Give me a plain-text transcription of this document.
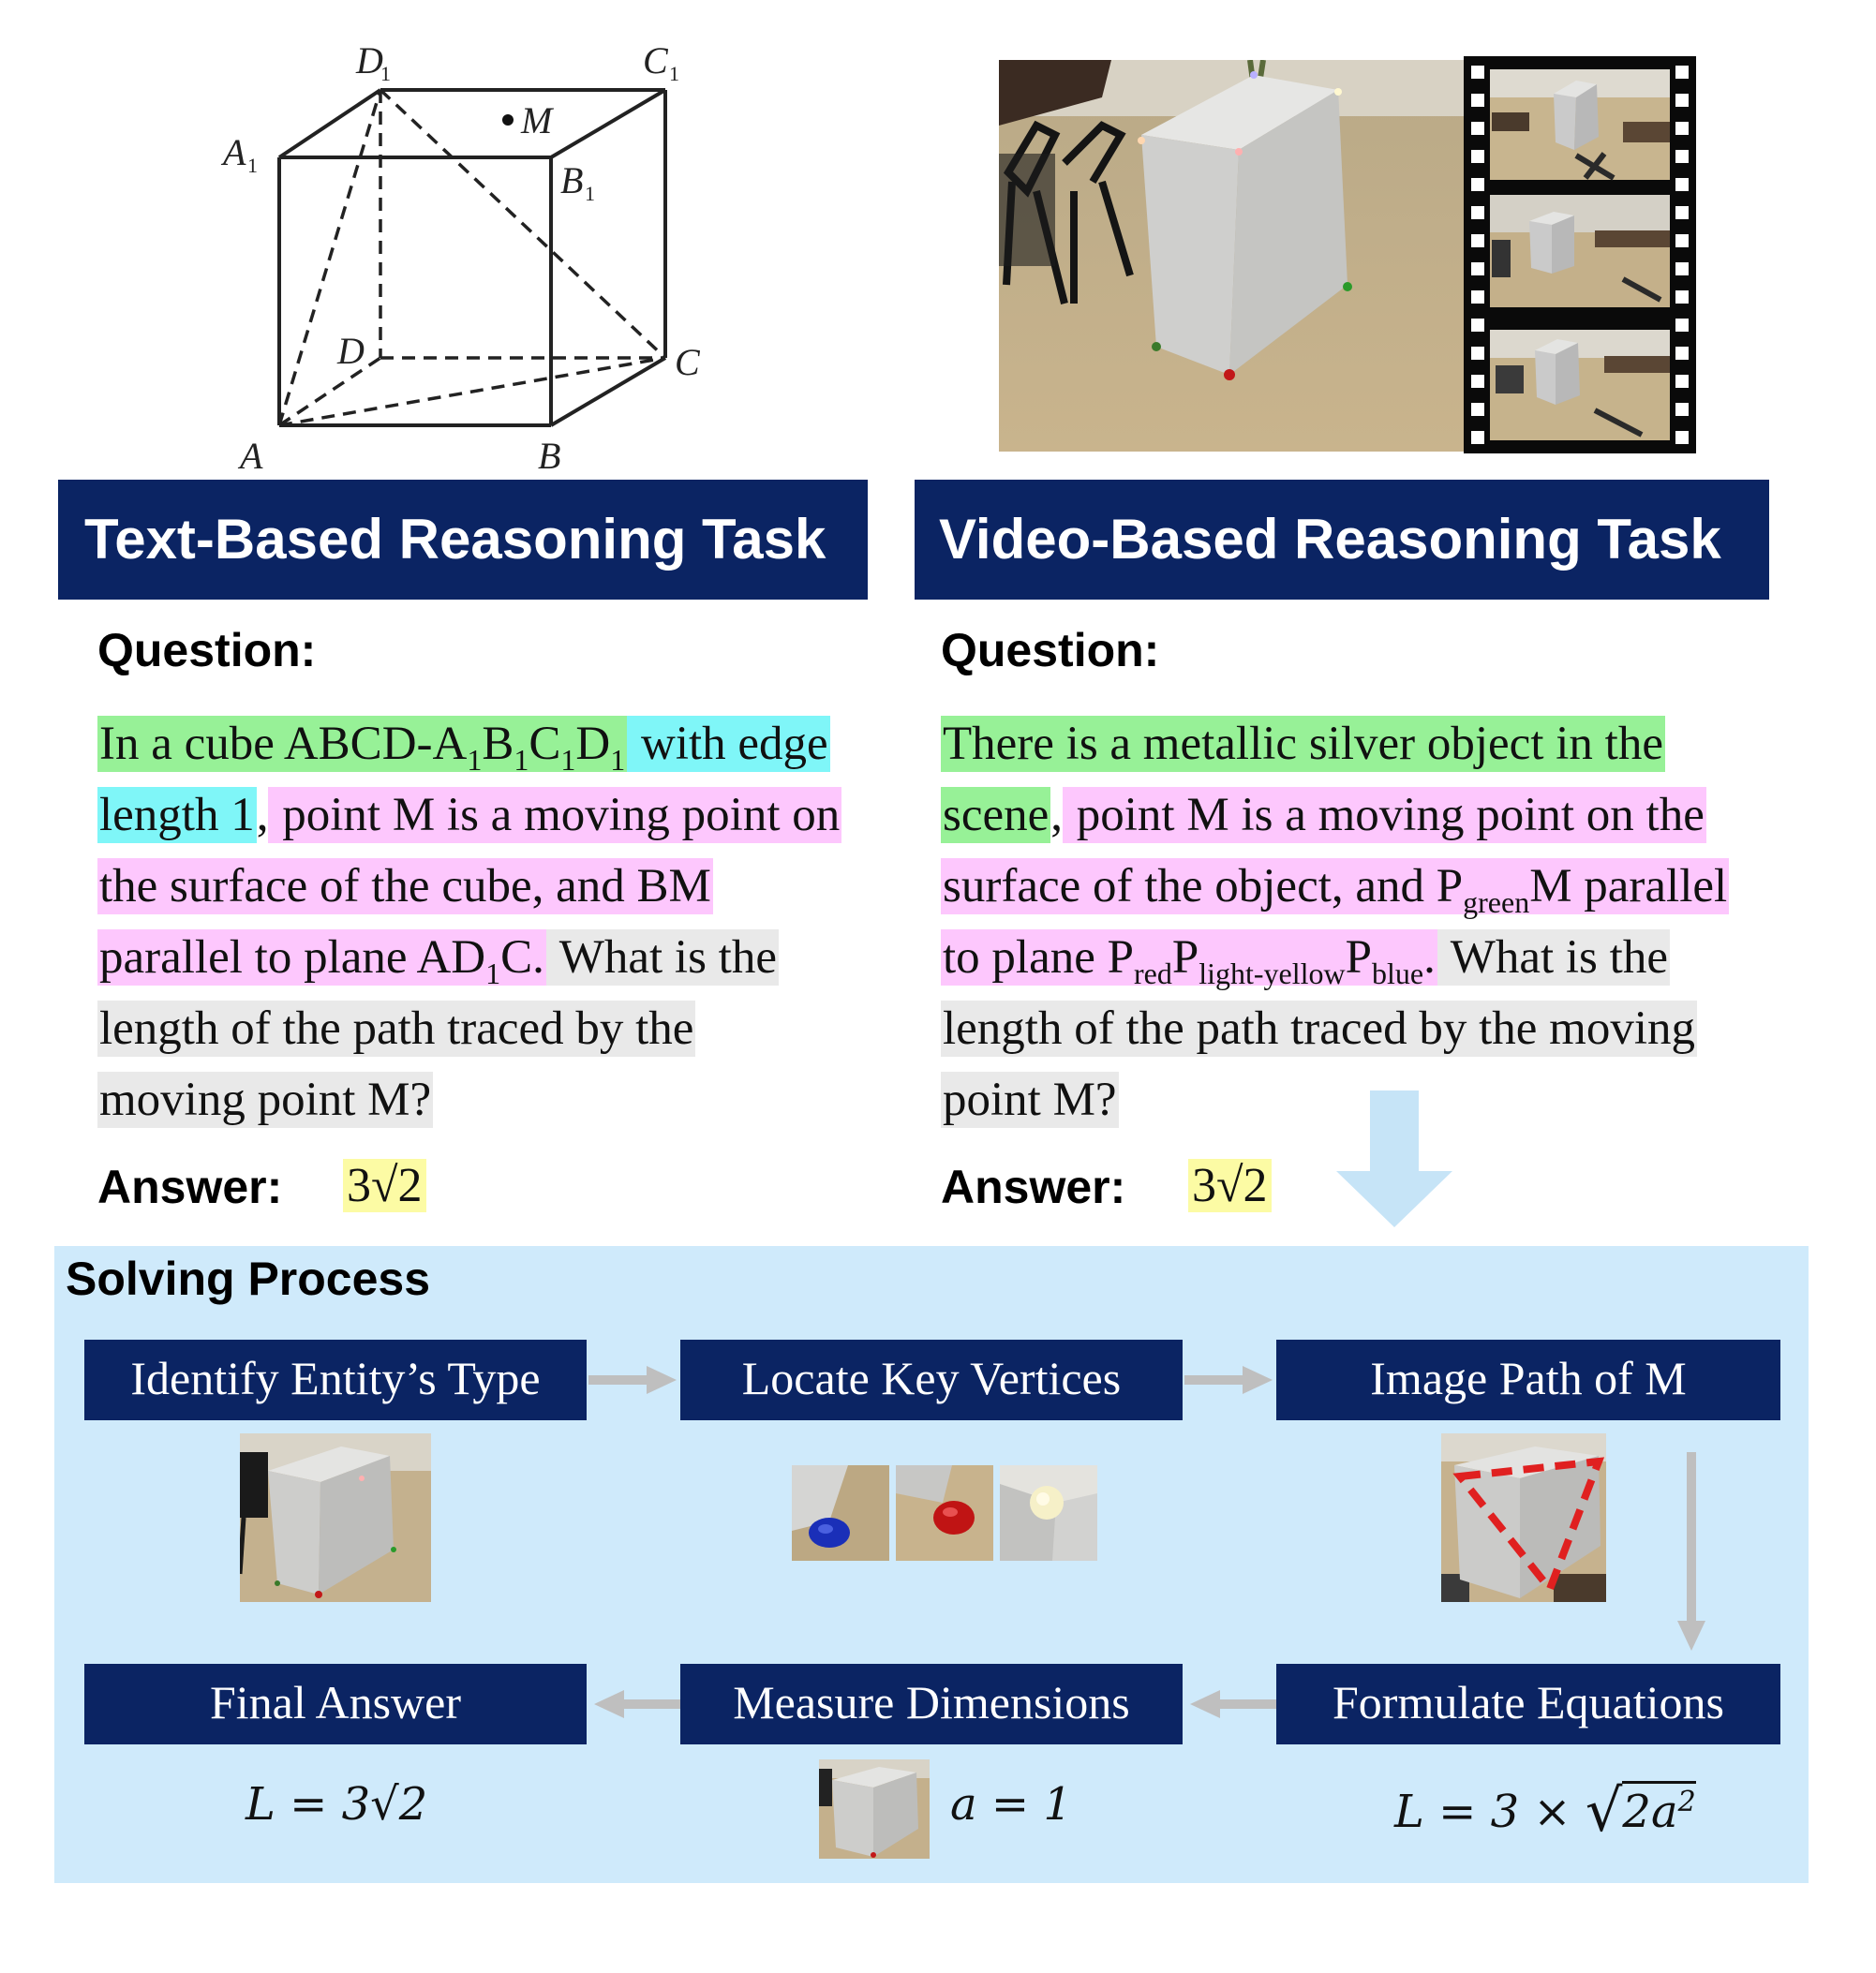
D
1	C 1
A 1	B 1
M
D	C
A	B
Text-Based Reasoning Task	Video-Based Reasoning Task
Question:
In a cube ABCD-$A_1B_1C_1D_1$ with edge length 1, point M is a moving point on the surface of the cube, and BM parallel to plane $AD_1C$. What is the length of the path traced by the moving point M?
Answer: 3√2
Question:
There is a metallic silver object in the scene, point M is a moving point on the surface of the object, and $P_{green}M$ parallel to plane $P_{red}P_{light-yellow}P_{blue}$. What is the length of the path traced by the moving point M?
Answer: 3√2
Solving Process
Identify Entity’s Type	Locate Key Vertices	Image Path of M
Formulate Equations
Measure Dimensions
Final Answer
L = 3√2	a = 1	$L = 3 \times √2a^2$
